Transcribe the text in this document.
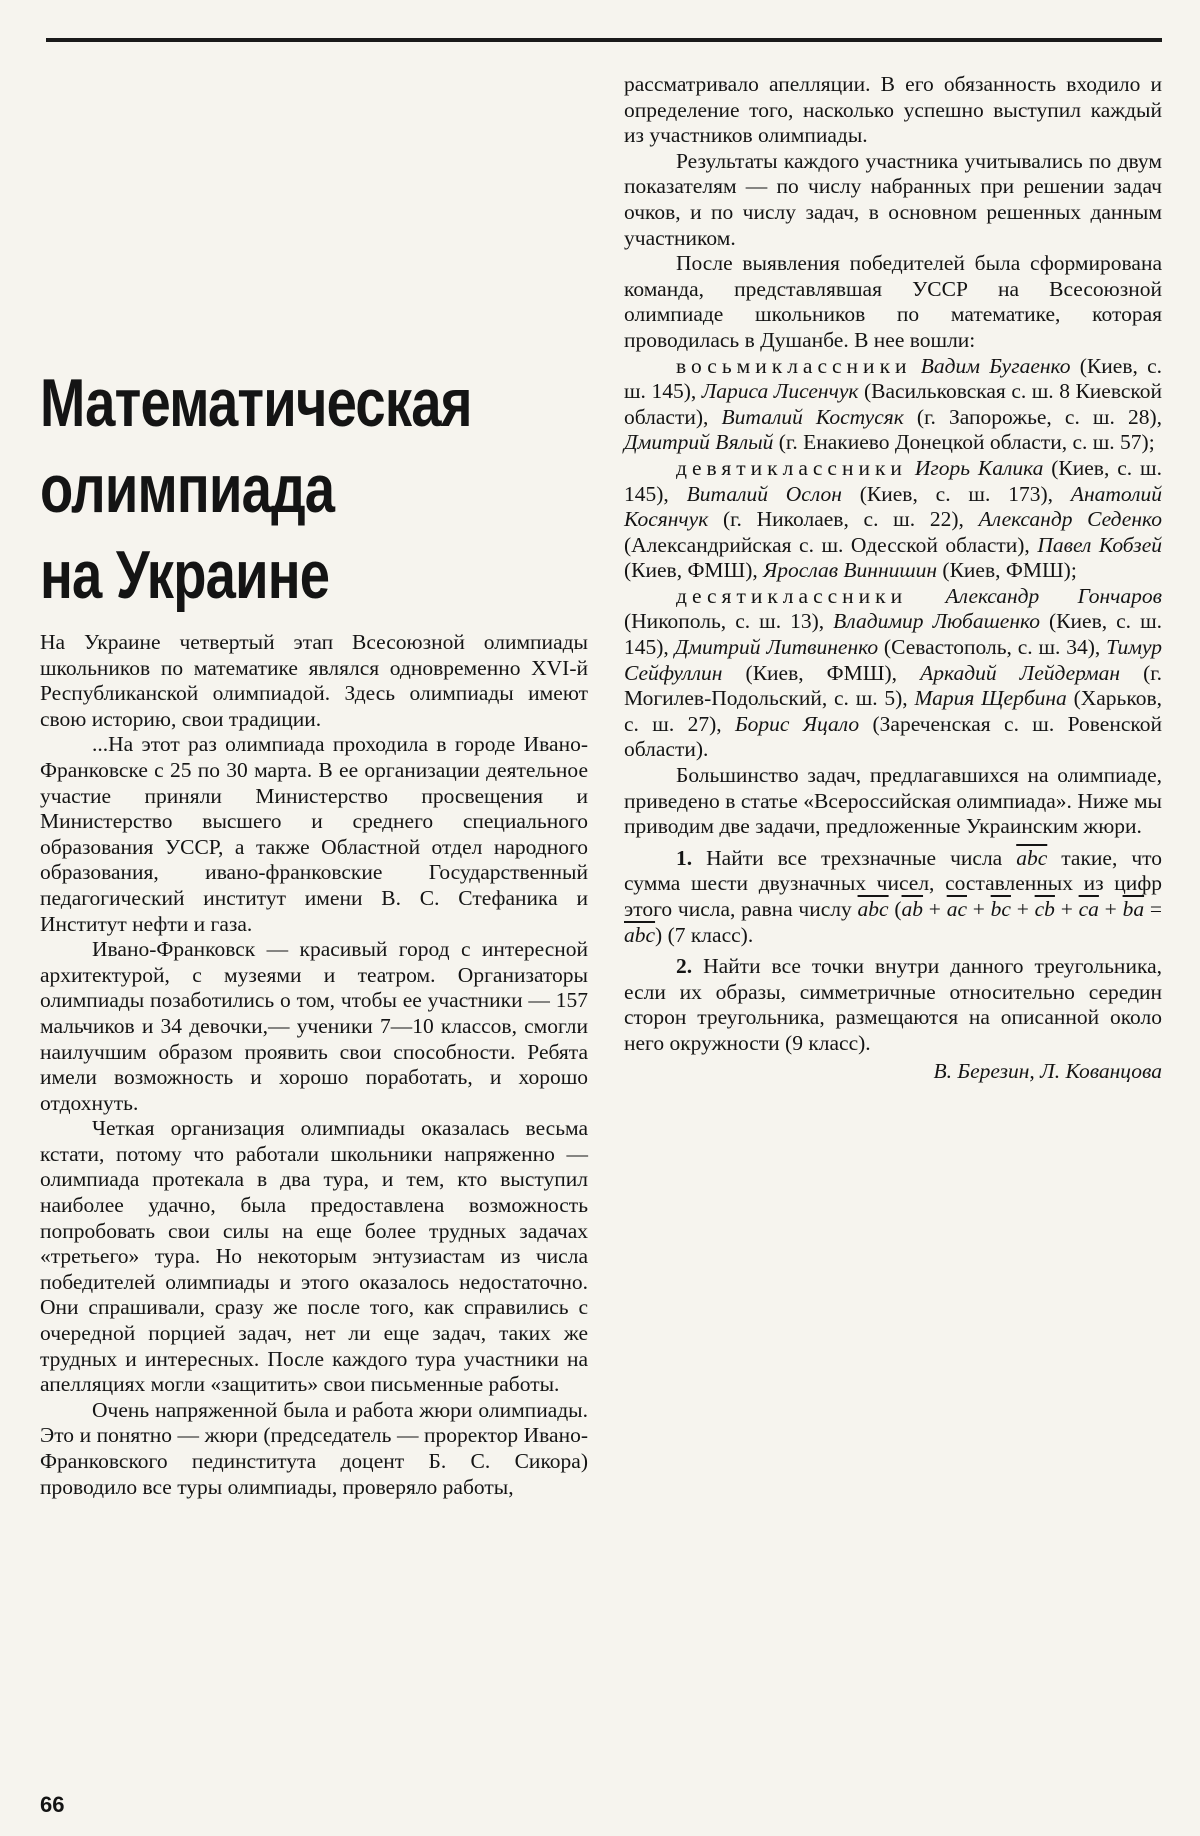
Математическая
олимпиада
на Украине

На Украине четвертый этап Всесоюзной олимпиады школьников по математике являлся одновременно XVI-й Республиканской олимпиадой. Здесь олимпиады имеют свою историю, свои традиции.

...На этот раз олимпиада проходила в городе Ивано-Франковске с 25 по 30 марта. В ее организации деятельное участие приняли Министерство просвещения и Министерство высшего и среднего специального образования УССР, а также Областной отдел народного образования, ивано-франковские Государственный педагогический институт имени В. С. Стефаника и Институт нефти и газа.

Ивано-Франковск — красивый город с интересной архитектурой, с музеями и театром. Организаторы олимпиады позаботились о том, чтобы ее участники — 157 мальчиков и 34 девочки,— ученики 7—10 классов, смогли наилучшим образом проявить свои способности. Ребята имели возможность и хорошо поработать, и хорошо отдохнуть.

Четкая организация олимпиады оказалась весьма кстати, потому что работали школьники напряженно — олимпиада протекала в два тура, и тем, кто выступил наиболее удачно, была предоставлена возможность попробовать свои силы на еще более трудных задачах «третьего» тура. Но некоторым энтузиастам из числа победителей олимпиады и этого оказалось недостаточно. Они спрашивали, сразу же после того, как справились с очередной порцией задач, нет ли еще задач, таких же трудных и интересных. После каждого тура участники на апелляциях могли «защитить» свои письменные работы.

Очень напряженной была и работа жюри олимпиады. Это и понятно — жюри (председатель — проректор Ивано-Франковского пединститута доцент Б. С. Сикора) проводило все туры олимпиады, проверяло работы,

рассматривало апелляции. В его обязанность входило и определение того, насколько успешно выступил каждый из участников олимпиады.

Результаты каждого участника учитывались по двум показателям — по числу набранных при решении задач очков, и по числу задач, в основном решенных данным участником.

После выявления победителей была сформирована команда, представлявшая УССР на Всесоюзной олимпиаде школьников по математике, которая проводилась в Душанбе. В нее вошли:

восьмиклассники Вадим Бугаенко (Киев, с. ш. 145), Лариса Лисенчук (Васильковская с. ш. 8 Киевской области), Виталий Костусяк (г. Запорожье, с. ш. 28), Дмитрий Вялый (г. Енакиево Донецкой области, с. ш. 57);

девятиклассники Игорь Калика (Киев, с. ш. 145), Виталий Ослон (Киев, с. ш. 173), Анатолий Косянчук (г. Николаев, с. ш. 22), Александр Седенко (Александрийская с. ш. Одесской области), Павел Кобзей (Киев, ФМШ), Ярослав Виннишин (Киев, ФМШ);

десятиклассники Александр Гончаров (Никополь, с. ш. 13), Владимир Любашенко (Киев, с. ш. 145), Дмитрий Литвиненко (Севастополь, с. ш. 34), Тимур Сейфуллин (Киев, ФМШ), Аркадий Лейдерман (г. Могилев-Подольский, с. ш. 5), Мария Щербина (Харьков, с. ш. 27), Борис Яцало (Зареченская с. ш. Ровенской области).

Большинство задач, предлагавшихся на олимпиаде, приведено в статье «Всероссийская олимпиада». Ниже мы приводим две задачи, предложенные Украинским жюри.

1. Найти все трехзначные числа $\overline{abc}$ такие, что сумма шести двузначных чисел, составленных из цифр этого числа, равна числу $\overline{abc}$ $(\overline{ab} + \overline{ac} + \overline{bc} + \overline{cb} + \overline{ca} + \overline{ba} = \overline{abc})$ (7 класс).

2. Найти все точки внутри данного треугольника, если их образы, симметричные относительно середин сторон треугольника, размещаются на описанной около него окружности (9 класс).

В. Березин, Л. Кованцова

66
